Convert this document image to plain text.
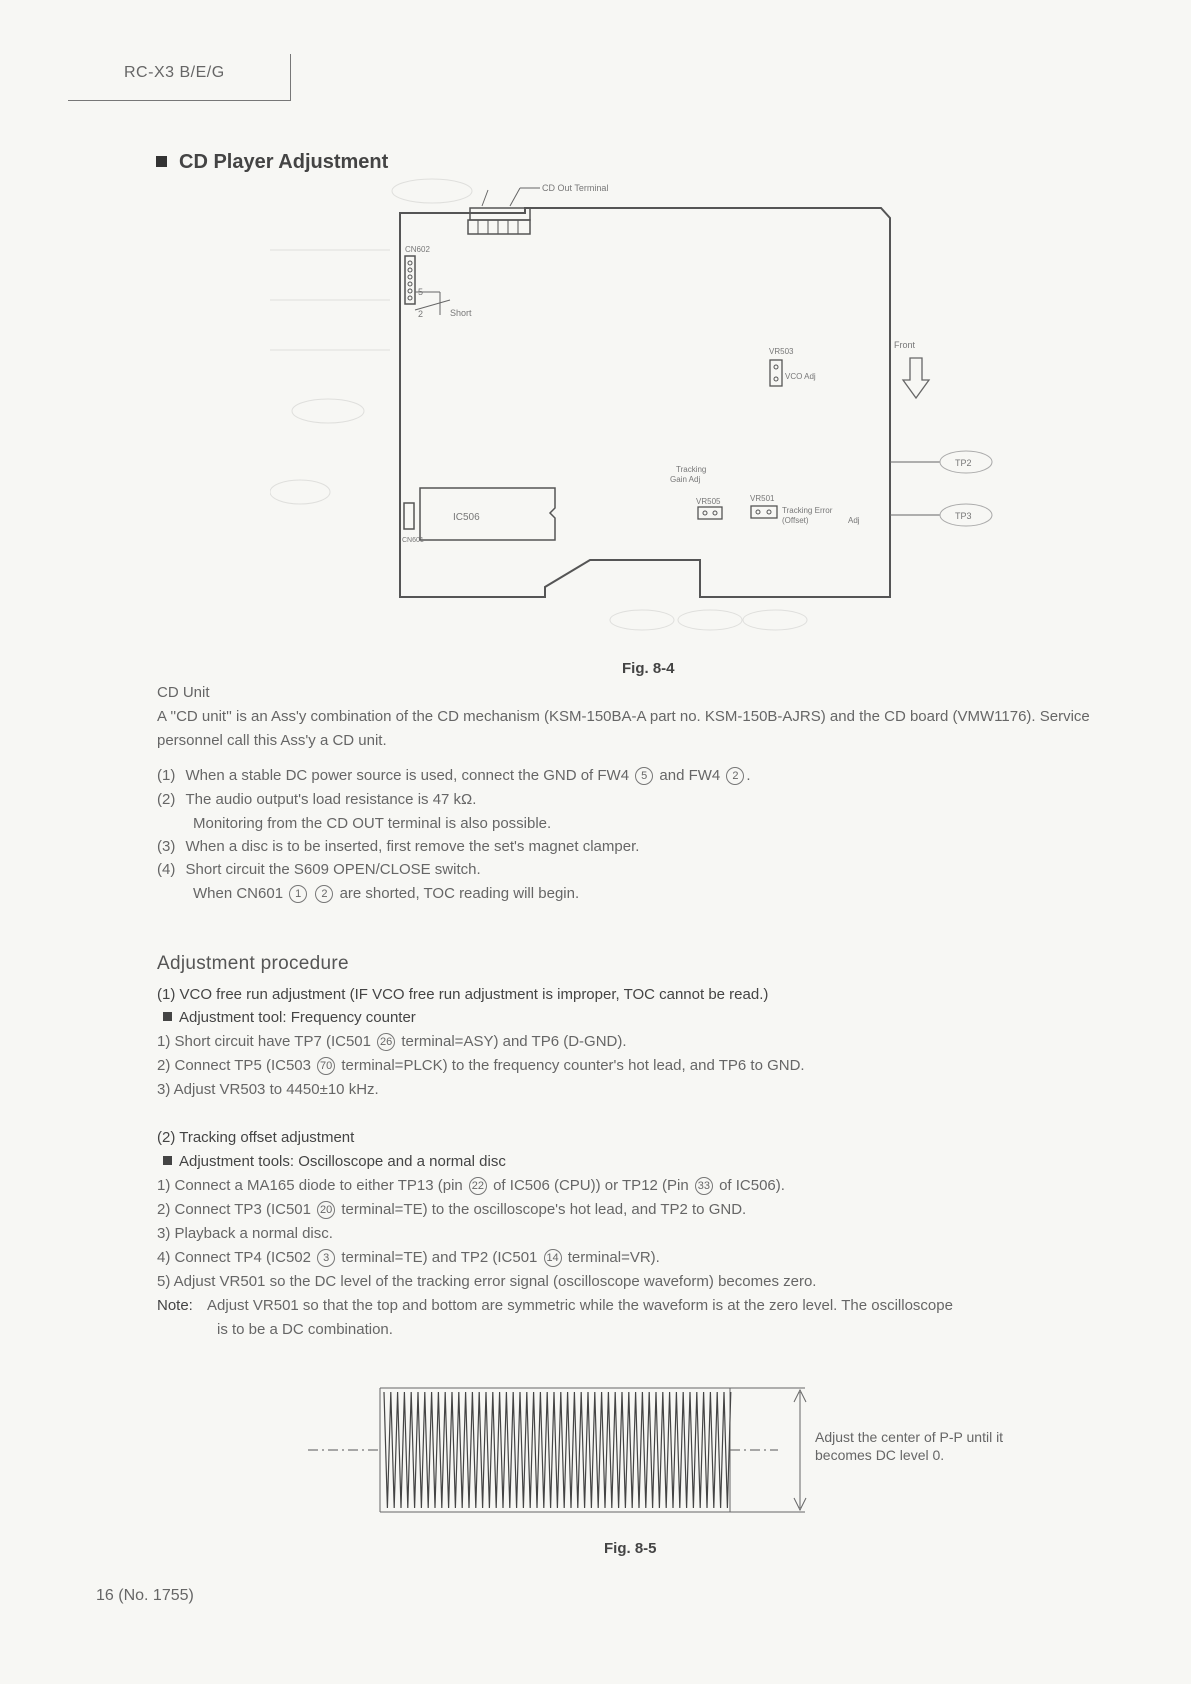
RC-X3 B/E/G
CD Player Adjustment
CD Out Terminal
CN602
5
2	Short
VR503
VCO Adj
Front
Tracking
Gain Adj
VR505	VR501
Tracking Error
(Offset)	Adj
IC506
CN601
TP2
TP3
Fig. 8-4
CD Unit
A ''CD unit'' is an Ass'y combination of the CD mechanism (KSM-150BA-A part no. KSM-150B-AJRS) and the CD board (VMW1176). Service personnel call this Ass'y a CD unit.
(1) When a stable DC power source is used, connect the GND of FW4 5 and FW4 2 .
(2) The audio output's load resistance is 47 kΩ.
Monitoring from the CD OUT terminal is also possible.
(3) When a disc is to be inserted, first remove the set's magnet clamper.
(4) Short circuit the S609 OPEN/CLOSE switch.
When CN601 1 2 are shorted, TOC reading will begin.
Adjustment procedure
(1) VCO free run adjustment (IF VCO free run adjustment is improper, TOC cannot be read.)
Adjustment tool: Frequency counter
1) Short circuit have TP7 (IC501 26 terminal=ASY) and TP6 (D-GND).
2) Connect TP5 (IC503 70 terminal=PLCK) to the frequency counter's hot lead, and TP6 to GND.
3) Adjust VR503 to 4450±10 kHz.
(2) Tracking offset adjustment
Adjustment tools: Oscilloscope and a normal disc
1) Connect a MA165 diode to either TP13 (pin 22 of IC506 (CPU)) or TP12 (Pin 33 of IC506).
2) Connect TP3 (IC501 20 terminal=TE) to the oscilloscope's hot lead, and TP2 to GND.
3) Playback a normal disc.
4) Connect TP4 (IC502 3 terminal=TE) and TP2 (IC501 14 terminal=VR).
5) Adjust VR501 so the DC level of the tracking error signal (oscilloscope waveform) becomes zero.
Note: Adjust VR501 so that the top and bottom are symmetric while the waveform is at the zero level. The oscilloscope
is to be a DC combination.
Adjust the center of P-P until it
becomes DC level 0.
Fig. 8-5
16 (No. 1755)
